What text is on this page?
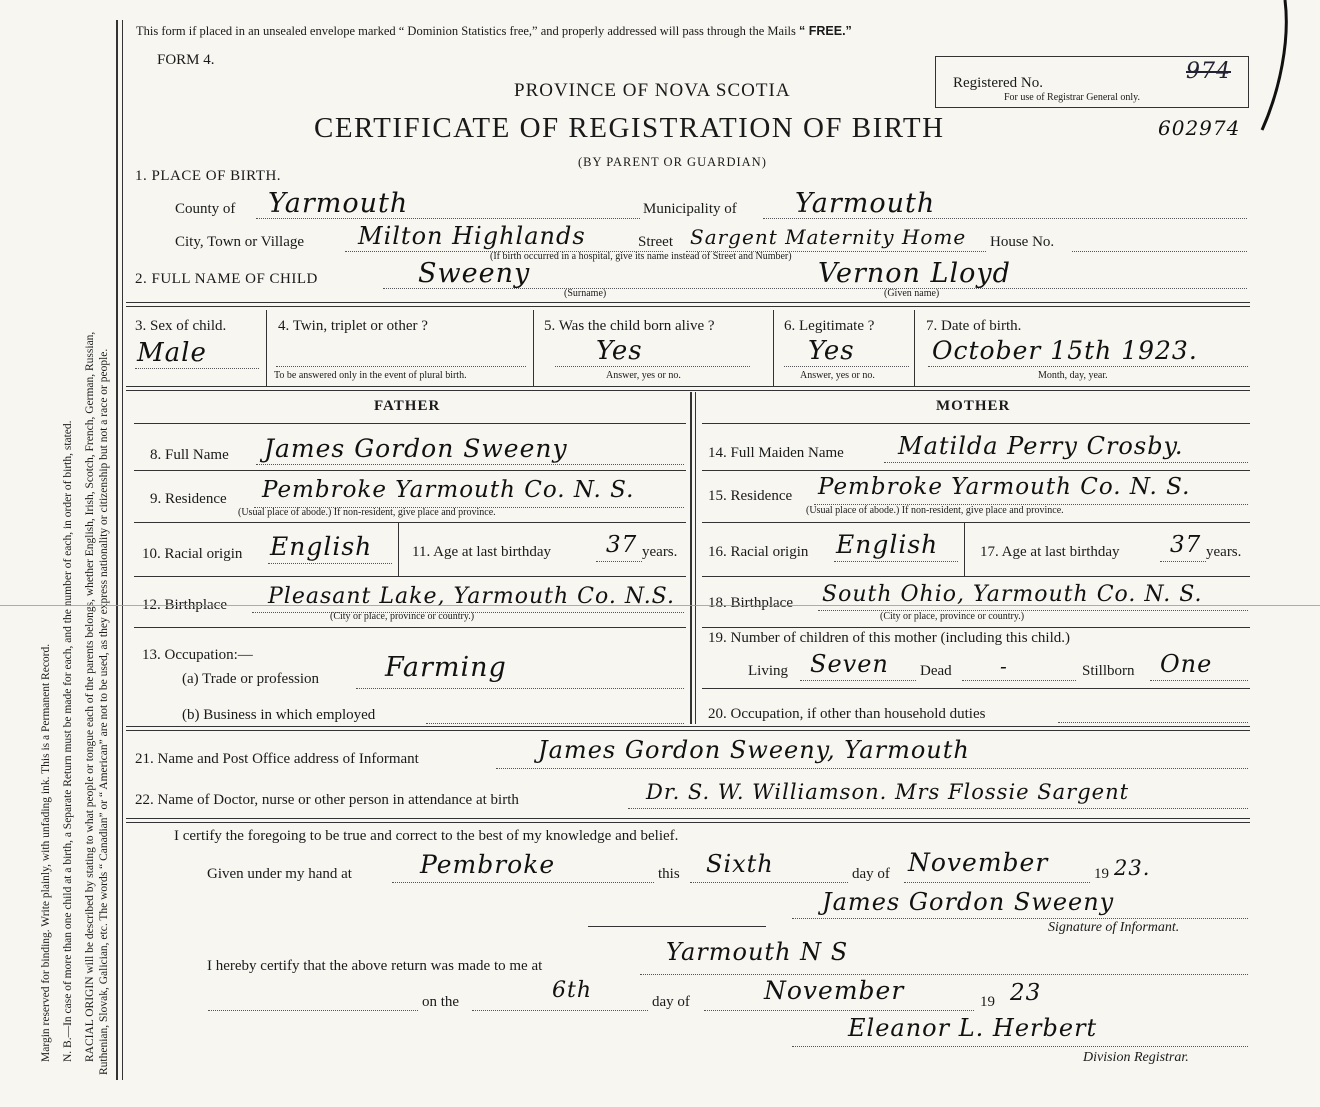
Margin reserved for binding. Write plainly, with unfading ink. This is a Permanent Record. N. B.—In case of more than one child at a birth, a Separate Return must be made for each, and the number of each, in order of birth, stated. RACIAL ORIGIN will be described by stating to what people or tongue each of the parents belongs, whether English, Irish, Scotch, French, German, Russian, Ruthenian, Slovak, Galician, etc. The words “ Canadian” or “ American” are not to be used, as they express nationality or citizenship but not a race or people.
This form if placed in an unsealed envelope marked “ Dominion Statistics free,” and properly addressed will pass through the Mails “ FREE.”
FORM 4.
PROVINCE OF NOVA SCOTIA
CERTIFICATE OF REGISTRATION OF BIRTH
(BY PARENT OR GUARDIAN)
Registered No.	974
For use of Registrar General only.
602974
1. PLACE OF BIRTH.
County of Yarmouth	Municipality of Yarmouth
City, Town or Village Milton Highlands	Street Sargent Maternity Home House No.
(If birth occurred in a hospital, give its name instead of Street and Number)
2. FULL NAME OF CHILD	Sweeny
(Surname)
Vernon Lloyd
(Given name)
3. Sex of child.
Male
4. Twin, triplet or other ?
To be answered only in the event of plural birth.
5. Was the child born alive ?
Yes
Answer, yes or no.
6. Legitimate ?
Yes
Answer, yes or no.
7. Date of birth.
October 15th 1923.
Month, day, year.
FATHER	MOTHER
8. Full Name James Gordon Sweeny
9. Residence Pembroke Yarmouth Co. N. S.
(Usual place of abode.) If non-resident, give place and province.
10. Racial origin English	11. Age at last birthday 37 years.
12. Birthplace Pleasant Lake, Yarmouth Co. N.S.
(City or place, province or country.)
13. Occupation:—
(a) Trade or profession Farming
(b) Business in which employed
14. Full Maiden Name Matilda Perry Crosby.
15. Residence Pembroke Yarmouth Co. N. S.
(Usual place of abode.) If non-resident, give place and province.
16. Racial origin English	17. Age at last birthday 37 years.
18. Birthplace South Ohio, Yarmouth Co. N. S.
(City or place, province or country.)
19. Number of children of this mother (including this child.)
Living Seven Dead -	Stillborn One
20. Occupation, if other than household duties
21. Name and Post Office address of Informant	James Gordon Sweeny, Yarmouth
22. Name of Doctor, nurse or other person in attendance at birth	Dr. S. W. Williamson. Mrs Flossie Sargent
I certify the foregoing to be true and correct to the best of my knowledge and belief.
Given under my hand at	Pembroke	this Sixth	day of November	19 23.
James Gordon Sweeny
Signature of Informant.
I hereby certify that the above return was made to me at	Yarmouth N S
on the	6th	day of	November	19 23
Eleanor L. Herbert
Division Registrar.
